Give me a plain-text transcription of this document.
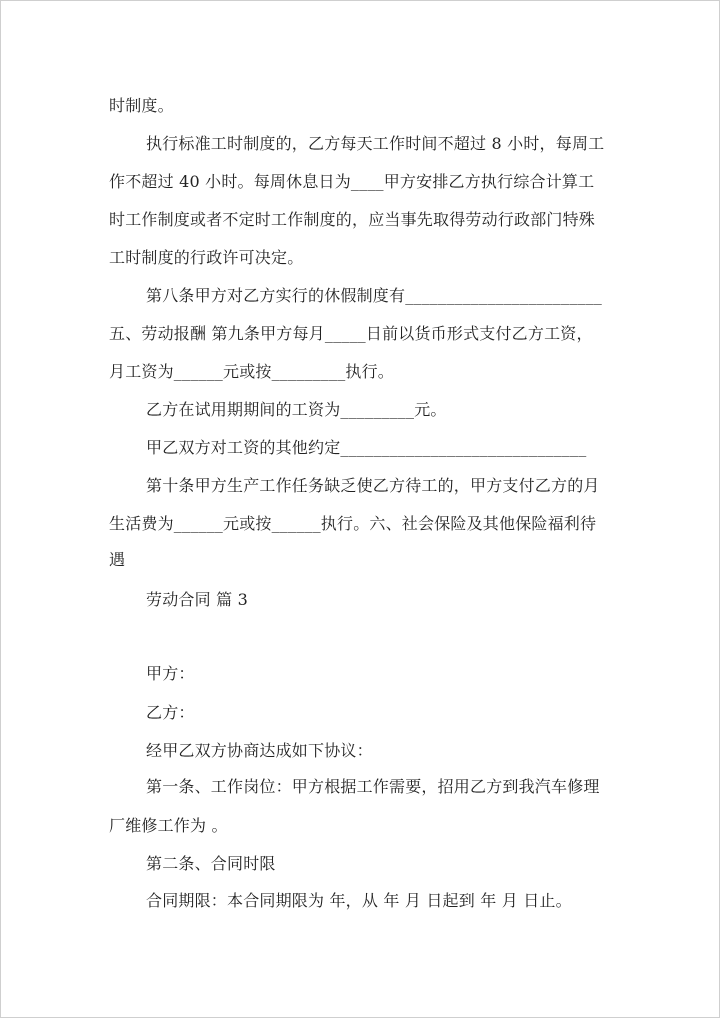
时制度。
执行标准工时制度的，乙方每天工作时间不超过 8 小时，每周工
作不超过 40 小时。每周休息日为____甲方安排乙方执行综合计算工
时工作制度或者不定时工作制度的，应当事先取得劳动行政部门特殊
工时制度的行政许可决定。
第八条甲方对乙方实行的休假制度有________________________
五、劳动报酬 第九条甲方每月_____日前以货币形式支付乙方工资，
月工资为______元或按_________执行。
乙方在试用期期间的工资为_________元。
甲乙双方对工资的其他约定______________________________
第十条甲方生产工作任务缺乏使乙方待工的，甲方支付乙方的月
生活费为______元或按______执行。六、社会保险及其他保险福利待
遇
劳动合同 篇 3
甲方：
乙方：
经甲乙双方协商达成如下协议：
第一条、工作岗位：甲方根据工作需要，招用乙方到我汽车修理
厂维修工作为 。
第二条、合同时限
合同期限：本合同期限为 年，从 年 月 日起到 年 月 日止。
